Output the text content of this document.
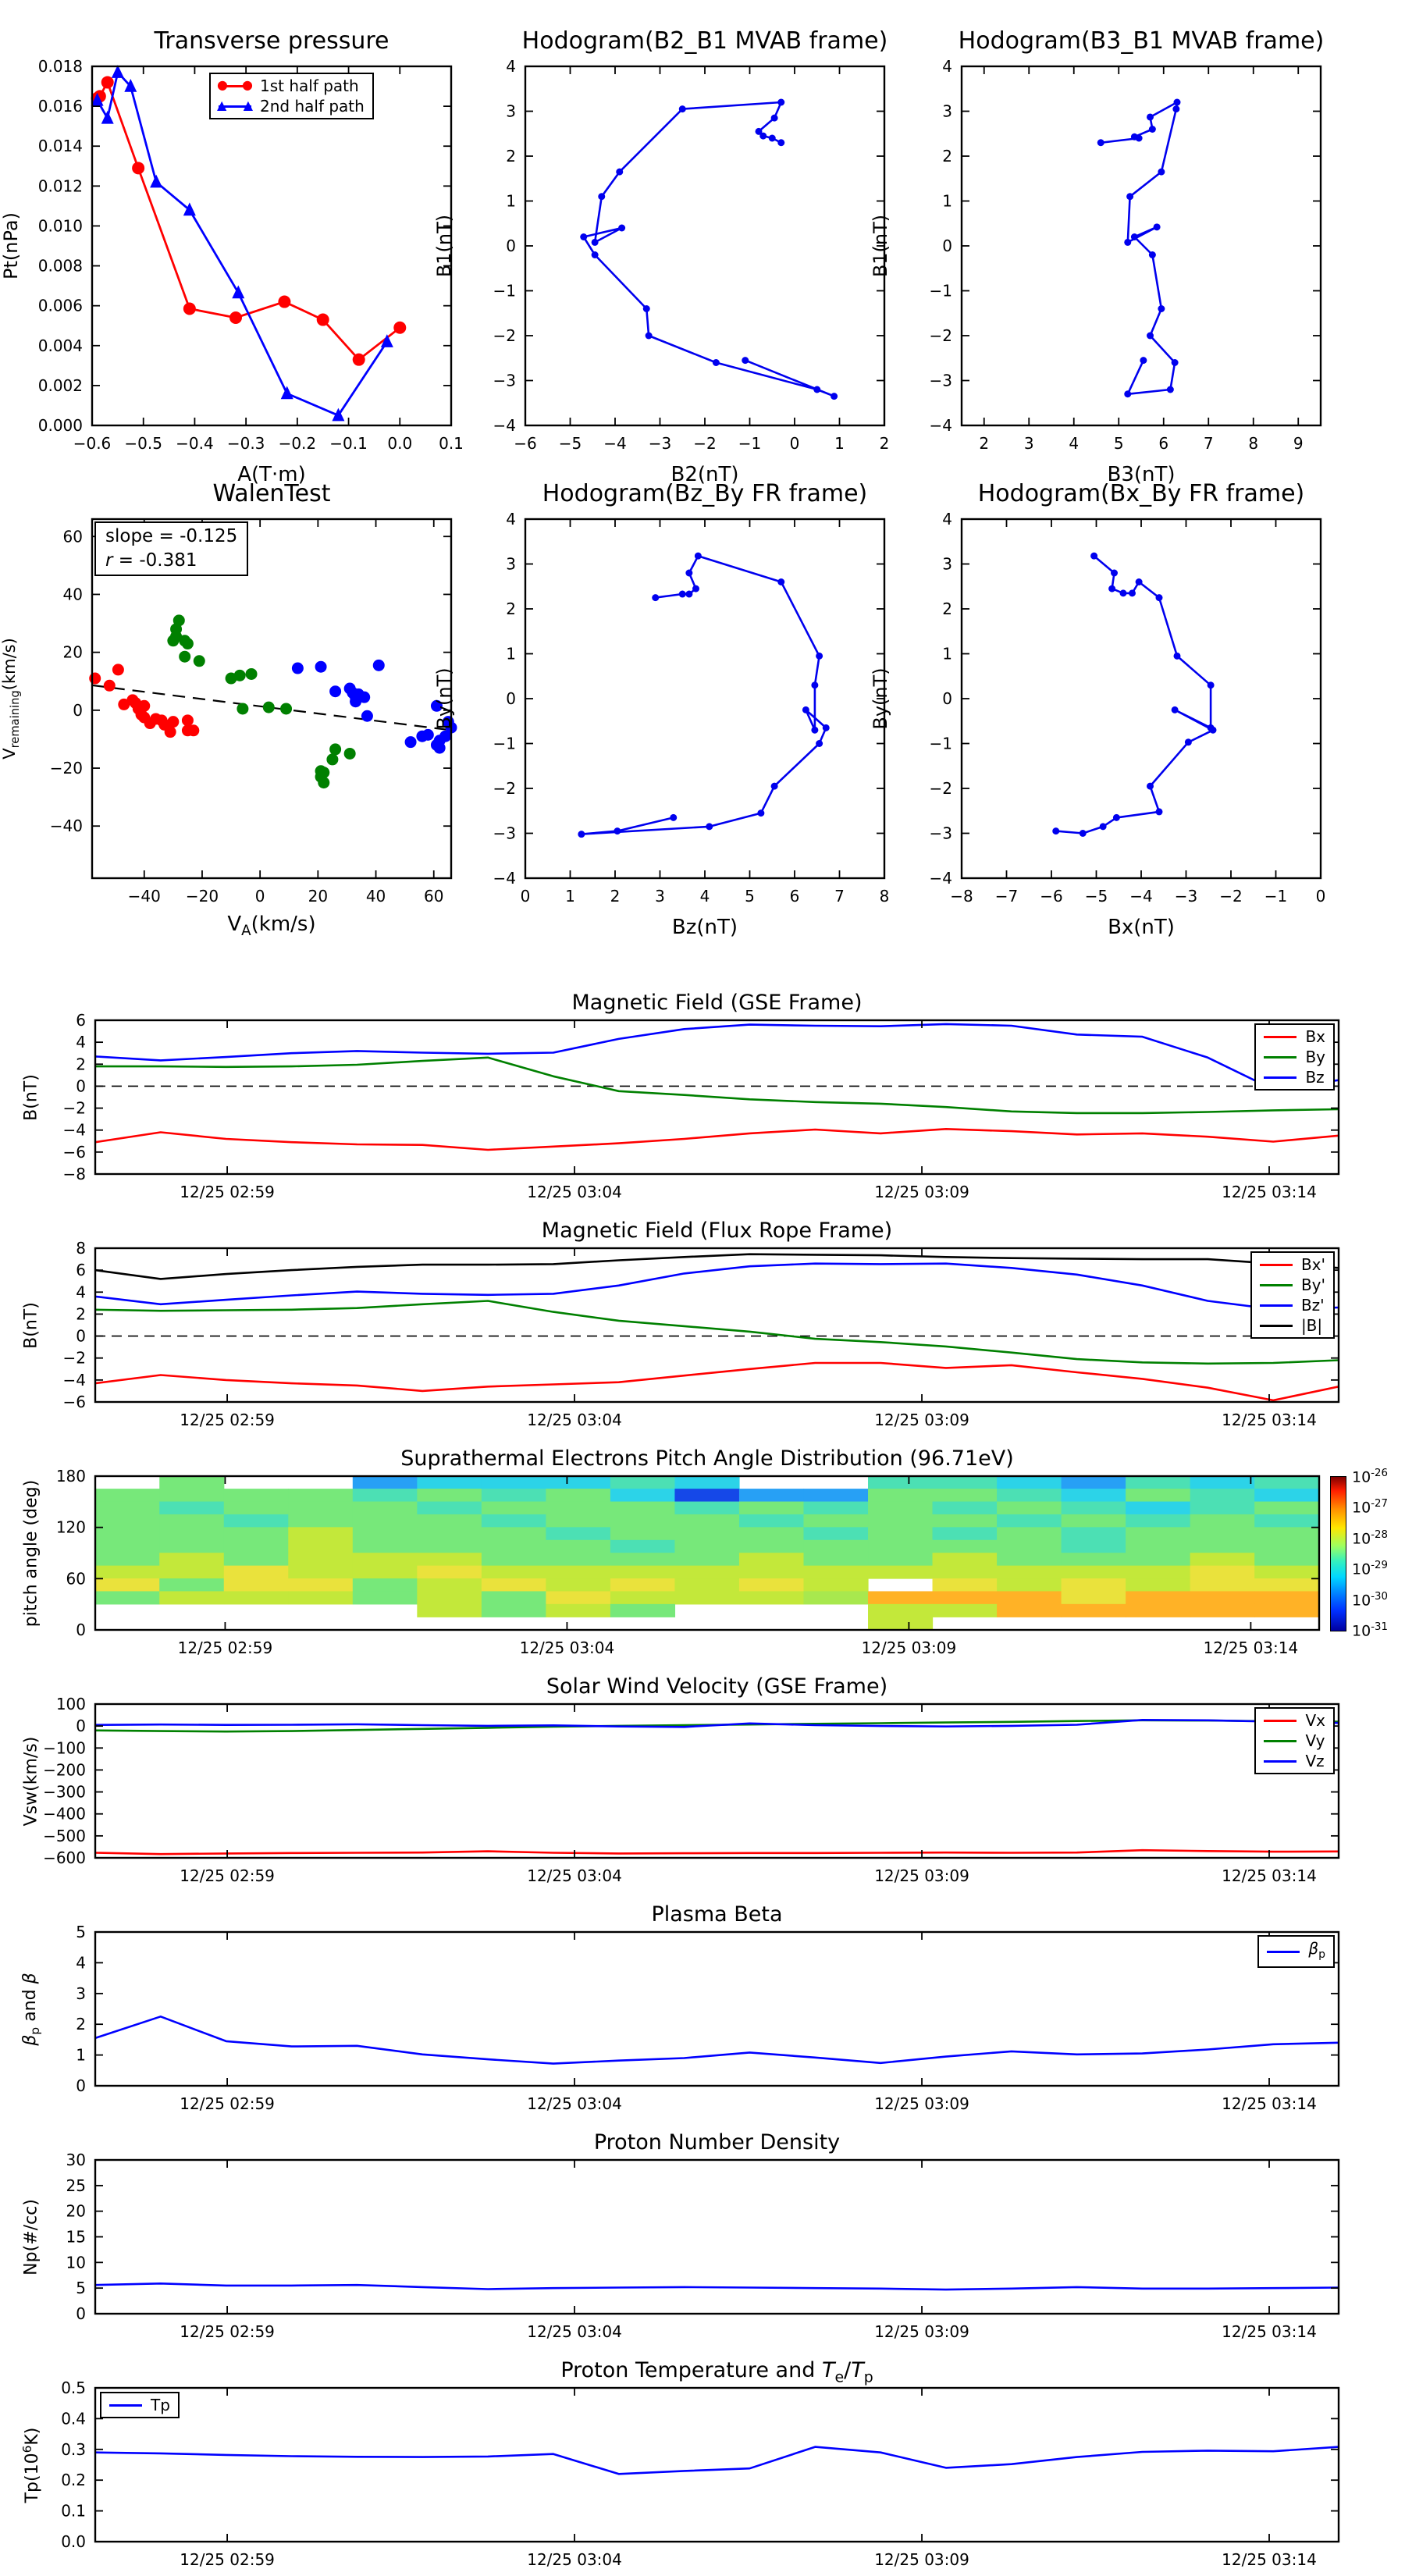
Transverse pressure
Pt(nPa)
A(T·m)
−0.6 −0.5 −0.4 −0.3 −0.2 −0.1 0.0 0.1
0.000
0.002
0.004
0.006
0.008
0.010
0.012
0.014
0.016
0.018
● ● 1st half path
▲ ▲ 2nd half path
Hodogram(B2_B1 MVAB frame)
B1(nT)
B2(nT)
−6 −5 −4 −3 −2 −1 0 1 2
−4
−3
−2
−1
0
1
2
3
4
Hodogram(B3_B1 MVAB frame)
B1(nT)
B3(nT)
2 3 4 5 6 7 8 9
−4
−3
−2
−1
0
1
2
3
4
WalenTest
$V_{remaining}(km/s)$
$V_A(km/s)$
−40 −20 0	20 40 60
−40
−20
0
20
40
60	slope = -0.125
r = -0.381
Hodogram(Bz_By FR frame)
By(nT)
Bz(nT)
0 1 2 3 4 5 6 7 8
−4
−3
−2
−1
0
1
2
3
4
Hodogram(Bx_By FR frame)
By(nT)
Bx(nT)
−8 −7 −6 −5 −4 −3 −2 −1 0
−4
−3
−2
−1
0
1
2
3
4
Magnetic Field (GSE Frame)
B(nT)
12/25 02:59	12/25 03:04	12/25 03:09	12/25 03:14
−8
−6
−4
−2
0
2
4
6
Bx
By
Bz
Magnetic Field (Flux Rope Frame)
B(nT)
12/25 02:59	12/25 03:04	12/25 03:09	12/25 03:14
−6
−4
−2
0
2
4
6
8
Bx'
By'
Bz'
|B|
Suprathermal Electrons Pitch Angle Distribution (96.71eV)
pitch angle (deg)
12/25 02:59	12/25 03:04	12/25 03:09	12/25 03:14
0
60
120
180	$10^{-26}$
$10^{-27}$
$10^{-28}$
$10^{-29}$
$10^{-30}$
$10^{-31}$
Solar Wind Velocity (GSE Frame)
Vsw(km/s)
12/25 02:59	12/25 03:04	12/25 03:09	12/25 03:14
−600
−500
−400
−300
−200
−100
0
100
Vx
Vy
Vz
Plasma Beta
$\beta_p$ and β
12/25 02:59	12/25 03:04	12/25 03:09	12/25 03:14
0
1
2
3
4
5
$\beta_p$
Proton Number Density
Np(#/cc)
12/25 02:59	12/25 03:04	12/25 03:09	12/25 03:14
0
5
10
15
20
25
30
Proton Temperature and $T_e/T_p$
$Tp(10^6K)$
12/25 02:59	12/25 03:04	12/25 03:09	12/25 03:14
0.0
0.1
0.2
0.3
0.4
0.5
Tp
